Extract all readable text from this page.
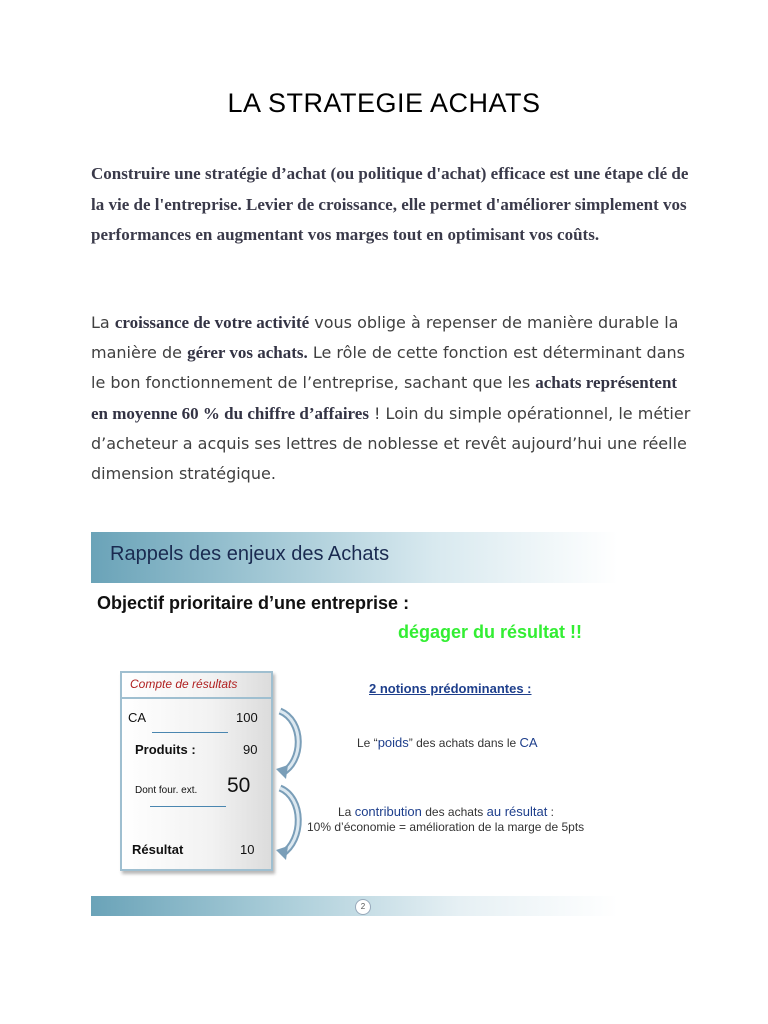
LA STRATEGIE ACHATS

Construire une stratégie d’achat (ou politique d'achat) efficace est une étape clé de la vie de l'entreprise. Levier de croissance, elle permet d'améliorer simplement vos performances en augmentant vos marges tout en optimisant vos coûts.

La croissance de votre activité vous oblige à repenser de manière durable la manière de gérer vos achats. Le rôle de cette fonction est déterminant dans le bon fonctionnement de l’entreprise, sachant que les achats représentent en moyenne 60 % du chiffre d’affaires ! Loin du simple opérationnel, le métier d’acheteur a acquis ses lettres de noblesse et revêt aujourd’hui une réelle dimension stratégique.

Rappels des enjeux des Achats
Objectif prioritaire d’une entreprise :
dégager du résultat !!
Compte de résultats
CA	100
Produits :	90
Dont four. ext. 50
Résultat	10
2 notions prédominantes :
Le “poids” des achats dans le CA
La contribution des achats au résultat :
10% d’économie = amélioration de la marge de 5pts
2
